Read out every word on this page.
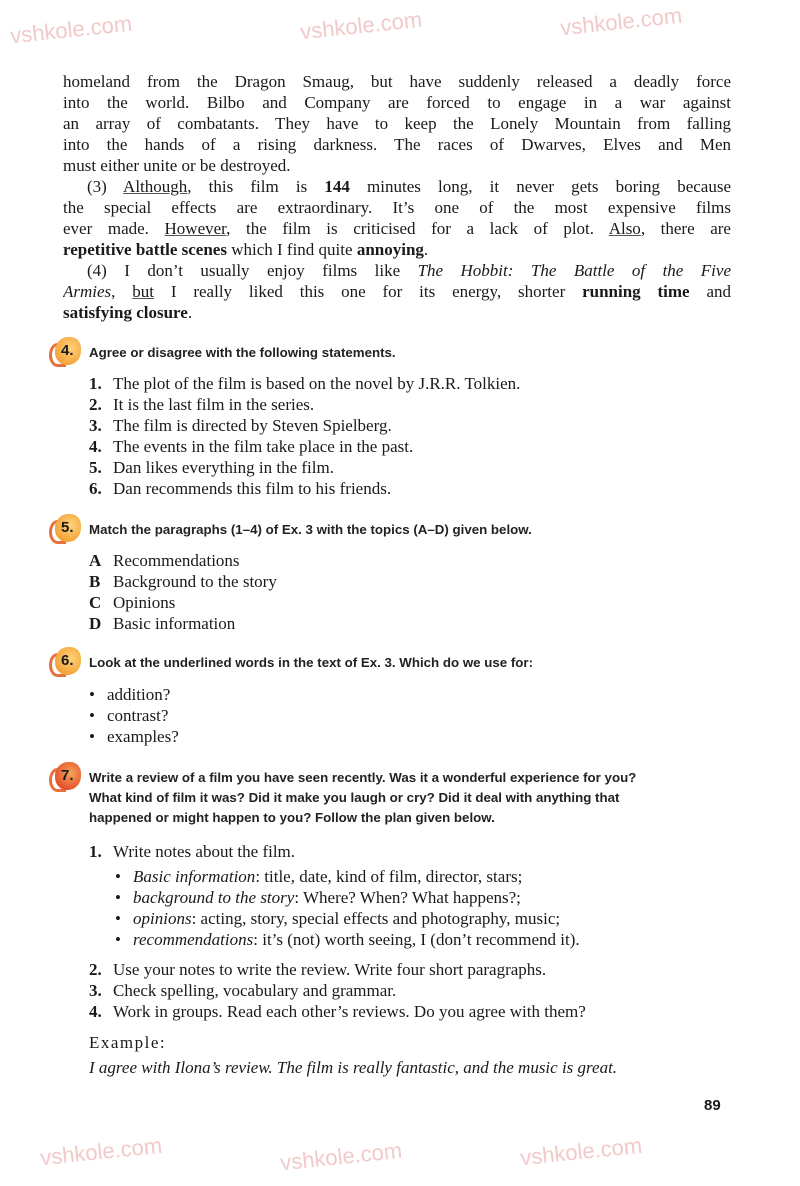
vshkole.com	vshkole.com	vshkole.com
vshkole.com	vshkole.com	vshkole.com
homeland from the Dragon Smaug, but have suddenly released a deadly force
into the world. Bilbo and Company are forced to engage in a war against
an array of combatants. They have to keep the Lonely Mountain from falling
into the hands of a rising darkness. The races of Dwarves, Elves and Men
must either unite or be destroyed.
(3) Although, this film is 144 minutes long, it never gets boring because
the special effects are extraordinary. It’s one of the most expensive films
ever made. However, the film is criticised for a lack of plot. Also, there are
repetitive battle scenes which I find quite annoying.
(4) I don’t usually enjoy films like The Hobbit: The Battle of the Five
Armies, but I really liked this one for its energy, shorter running time and
satisfying closure.
4. Agree or disagree with the following statements.
1. The plot of the film is based on the novel by J.R.R. Tolkien.
2. It is the last film in the series.
3. The film is directed by Steven Spielberg.
4. The events in the film take place in the past.
5. Dan likes everything in the film.
6. Dan recommends this film to his friends.
5. Match the paragraphs (1–4) of Ex. 3 with the topics (A–D) given below.
A Recommendations
B Background to the story
C Opinions
D Basic information
6. Look at the underlined words in the text of Ex. 3. Which do we use for:
• addition?
• contrast?
• examples?
7. Write a review of a film you have seen recently. Was it a wonderful experience for you?
What kind of film it was? Did it make you laugh or cry? Did it deal with anything that
happened or might happen to you? Follow the plan given below.
1. Write notes about the film.
• Basic information: title, date, kind of film, director, stars;
• background to the story: Where? When? What happens?;
• opinions: acting, story, special effects and photography, music;
• recommendations: it’s (not) worth seeing, I (don’t recommend it).
2. Use your notes to write the review. Write four short paragraphs.
3. Check spelling, vocabulary and grammar.
4. Work in groups. Read each other’s reviews. Do you agree with them?
Example:
I agree with Ilona’s review. The film is really fantastic, and the music is great.
89
